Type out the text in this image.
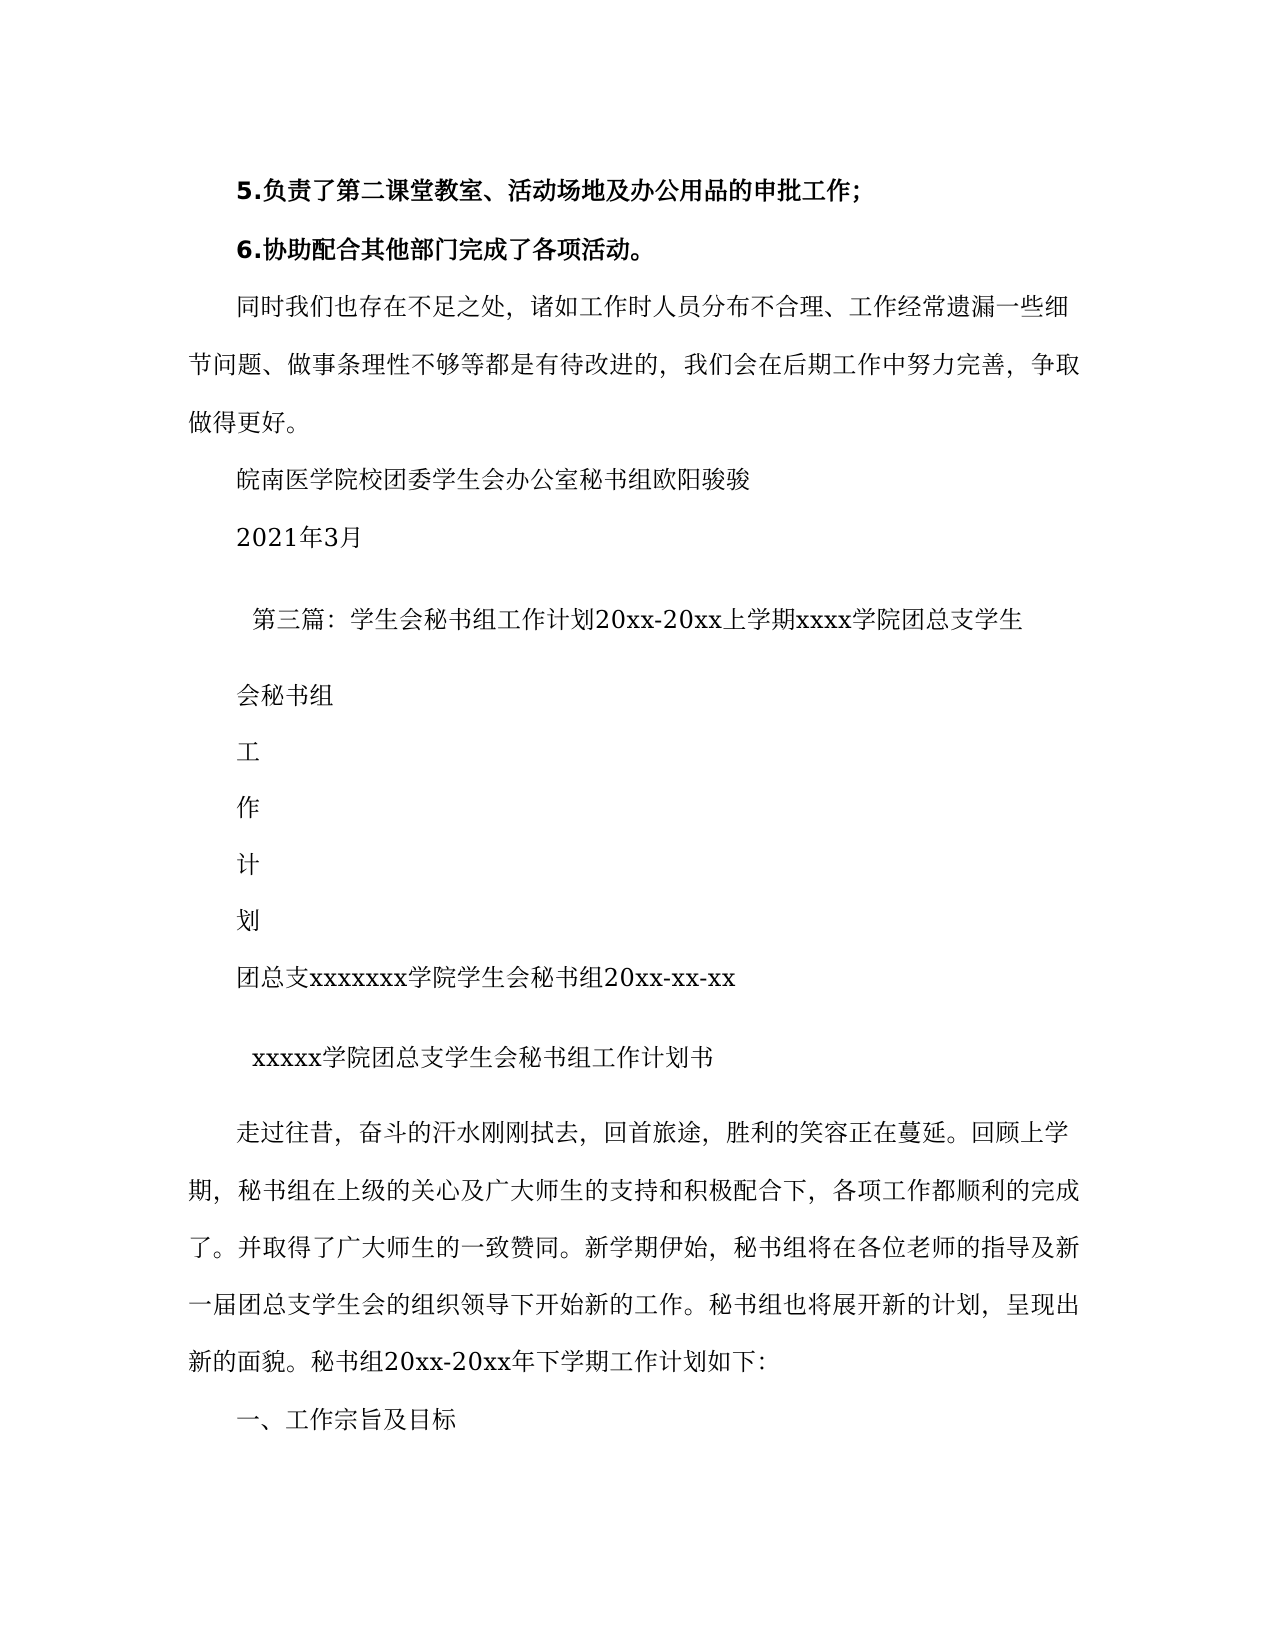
5.负责了第二课堂教室、活动场地及办公用品的申批工作；
6.协助配合其他部门完成了各项活动。
同时我们也存在不足之处，诸如工作时人员分布不合理、工作经常遗漏一些细
节问题、做事条理性不够等都是有待改进的，我们会在后期工作中努力完善，争取
做得更好。
皖南医学院校团委学生会办公室秘书组欧阳骏骏
2021年3月
第三篇：学生会秘书组工作计划20xx-20xx上学期xxxx学院团总支学生
会秘书组
工
作
计
划
团总支xxxxxxx学院学生会秘书组20xx-xx-xx
xxxxx学院团总支学生会秘书组工作计划书
走过往昔，奋斗的汗水刚刚拭去，回首旅途，胜利的笑容正在蔓延。回顾上学
期，秘书组在上级的关心及广大师生的支持和积极配合下，各项工作都顺利的完成
了。并取得了广大师生的一致赞同。新学期伊始，秘书组将在各位老师的指导及新
一届团总支学生会的组织领导下开始新的工作。秘书组也将展开新的计划，呈现出
新的面貌。秘书组20xx-20xx年下学期工作计划如下：
一、工作宗旨及目标
